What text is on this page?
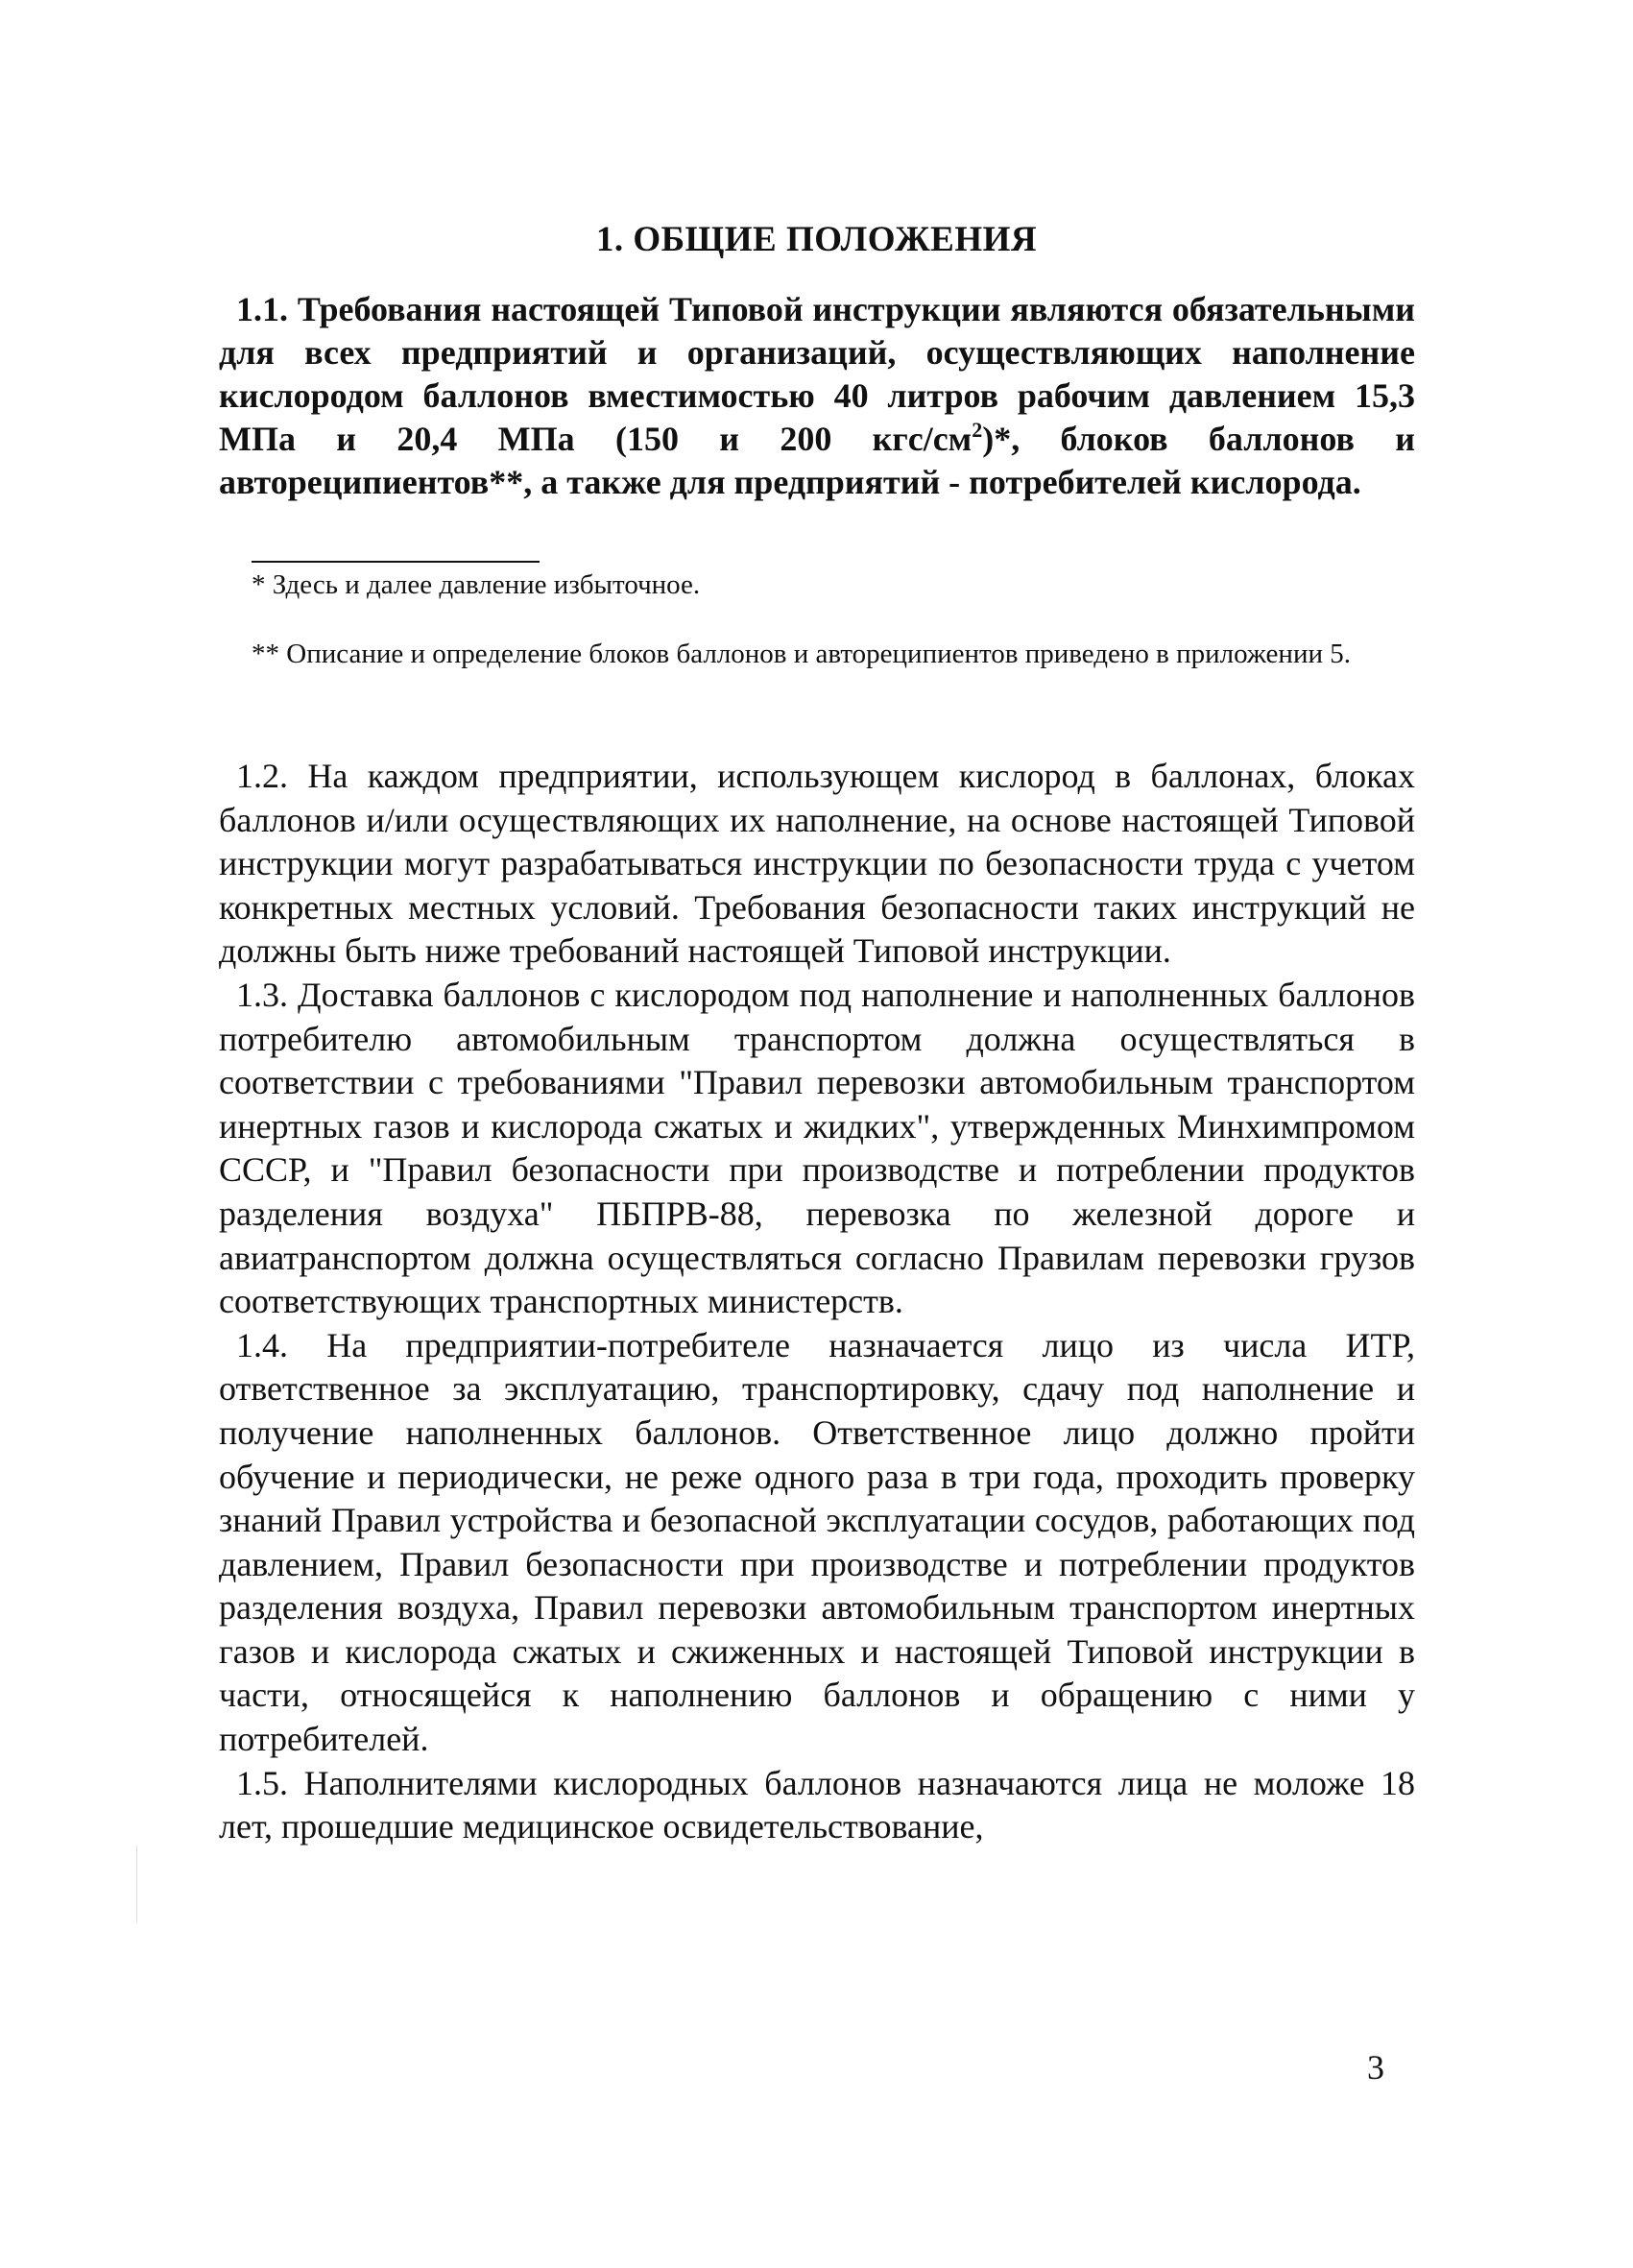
1. ОБЩИЕ ПОЛОЖЕНИЯ

1.1. Требования настоящей Типовой инструкции являются обязательными для всех предприятий и организаций, осуществляющих наполнение кислородом баллонов вместимостью 40 литров рабочим давлением 15,3 МПа и 20,4 МПа (150 и 200 кгс/$см^2)*$, блоков баллонов и автореципиентов**, а также для предприятий - потребителей кислорода.

* Здесь и далее давление избыточное.

** Описание и определение блоков баллонов и автореципиентов приведено в приложении 5.

1.2. На каждом предприятии, использующем кислород в баллонах, блоках баллонов и/или осуществляющих их наполнение, на основе настоящей Типовой инструкции могут разрабатываться инструкции по безопасности труда с учетом конкретных местных условий. Требования безопасности таких инструкций не должны быть ниже требований настоящей Типовой инструкции.

1.3. Доставка баллонов с кислородом под наполнение и наполненных баллонов потребителю автомобильным транспортом должна осуществляться в соответствии с требованиями "Правил перевозки автомобильным транспортом инертных газов и кислорода сжатых и жидких", утвержденных Минхимпромом СССР, и "Правил безопасности при производстве и потреблении продуктов разделения воздуха" ПБПРВ-88, перевозка по железной дороге и авиатранспортом должна осуществляться согласно Правилам перевозки грузов соответствующих транспортных министерств.

1.4. На предприятии-потребителе назначается лицо из числа ИТР, ответственное за эксплуатацию, транспортировку, сдачу под наполнение и получение наполненных баллонов. Ответственное лицо должно пройти обучение и периодически, не реже одного раза в три года, проходить проверку знаний Правил устройства и безопасной эксплуатации сосудов, работающих под давлением, Правил безопасности при производстве и потреблении продуктов разделения воздуха, Правил перевозки автомобильным транспортом инертных газов и кислорода сжатых и сжиженных и настоящей Типовой инструкции в части, относящейся к наполнению баллонов и обращению с ними у потребителей.

1.5. Наполнителями кислородных баллонов назначаются лица не моложе 18 лет, прошедшие медицинское освидетельствование,

3
